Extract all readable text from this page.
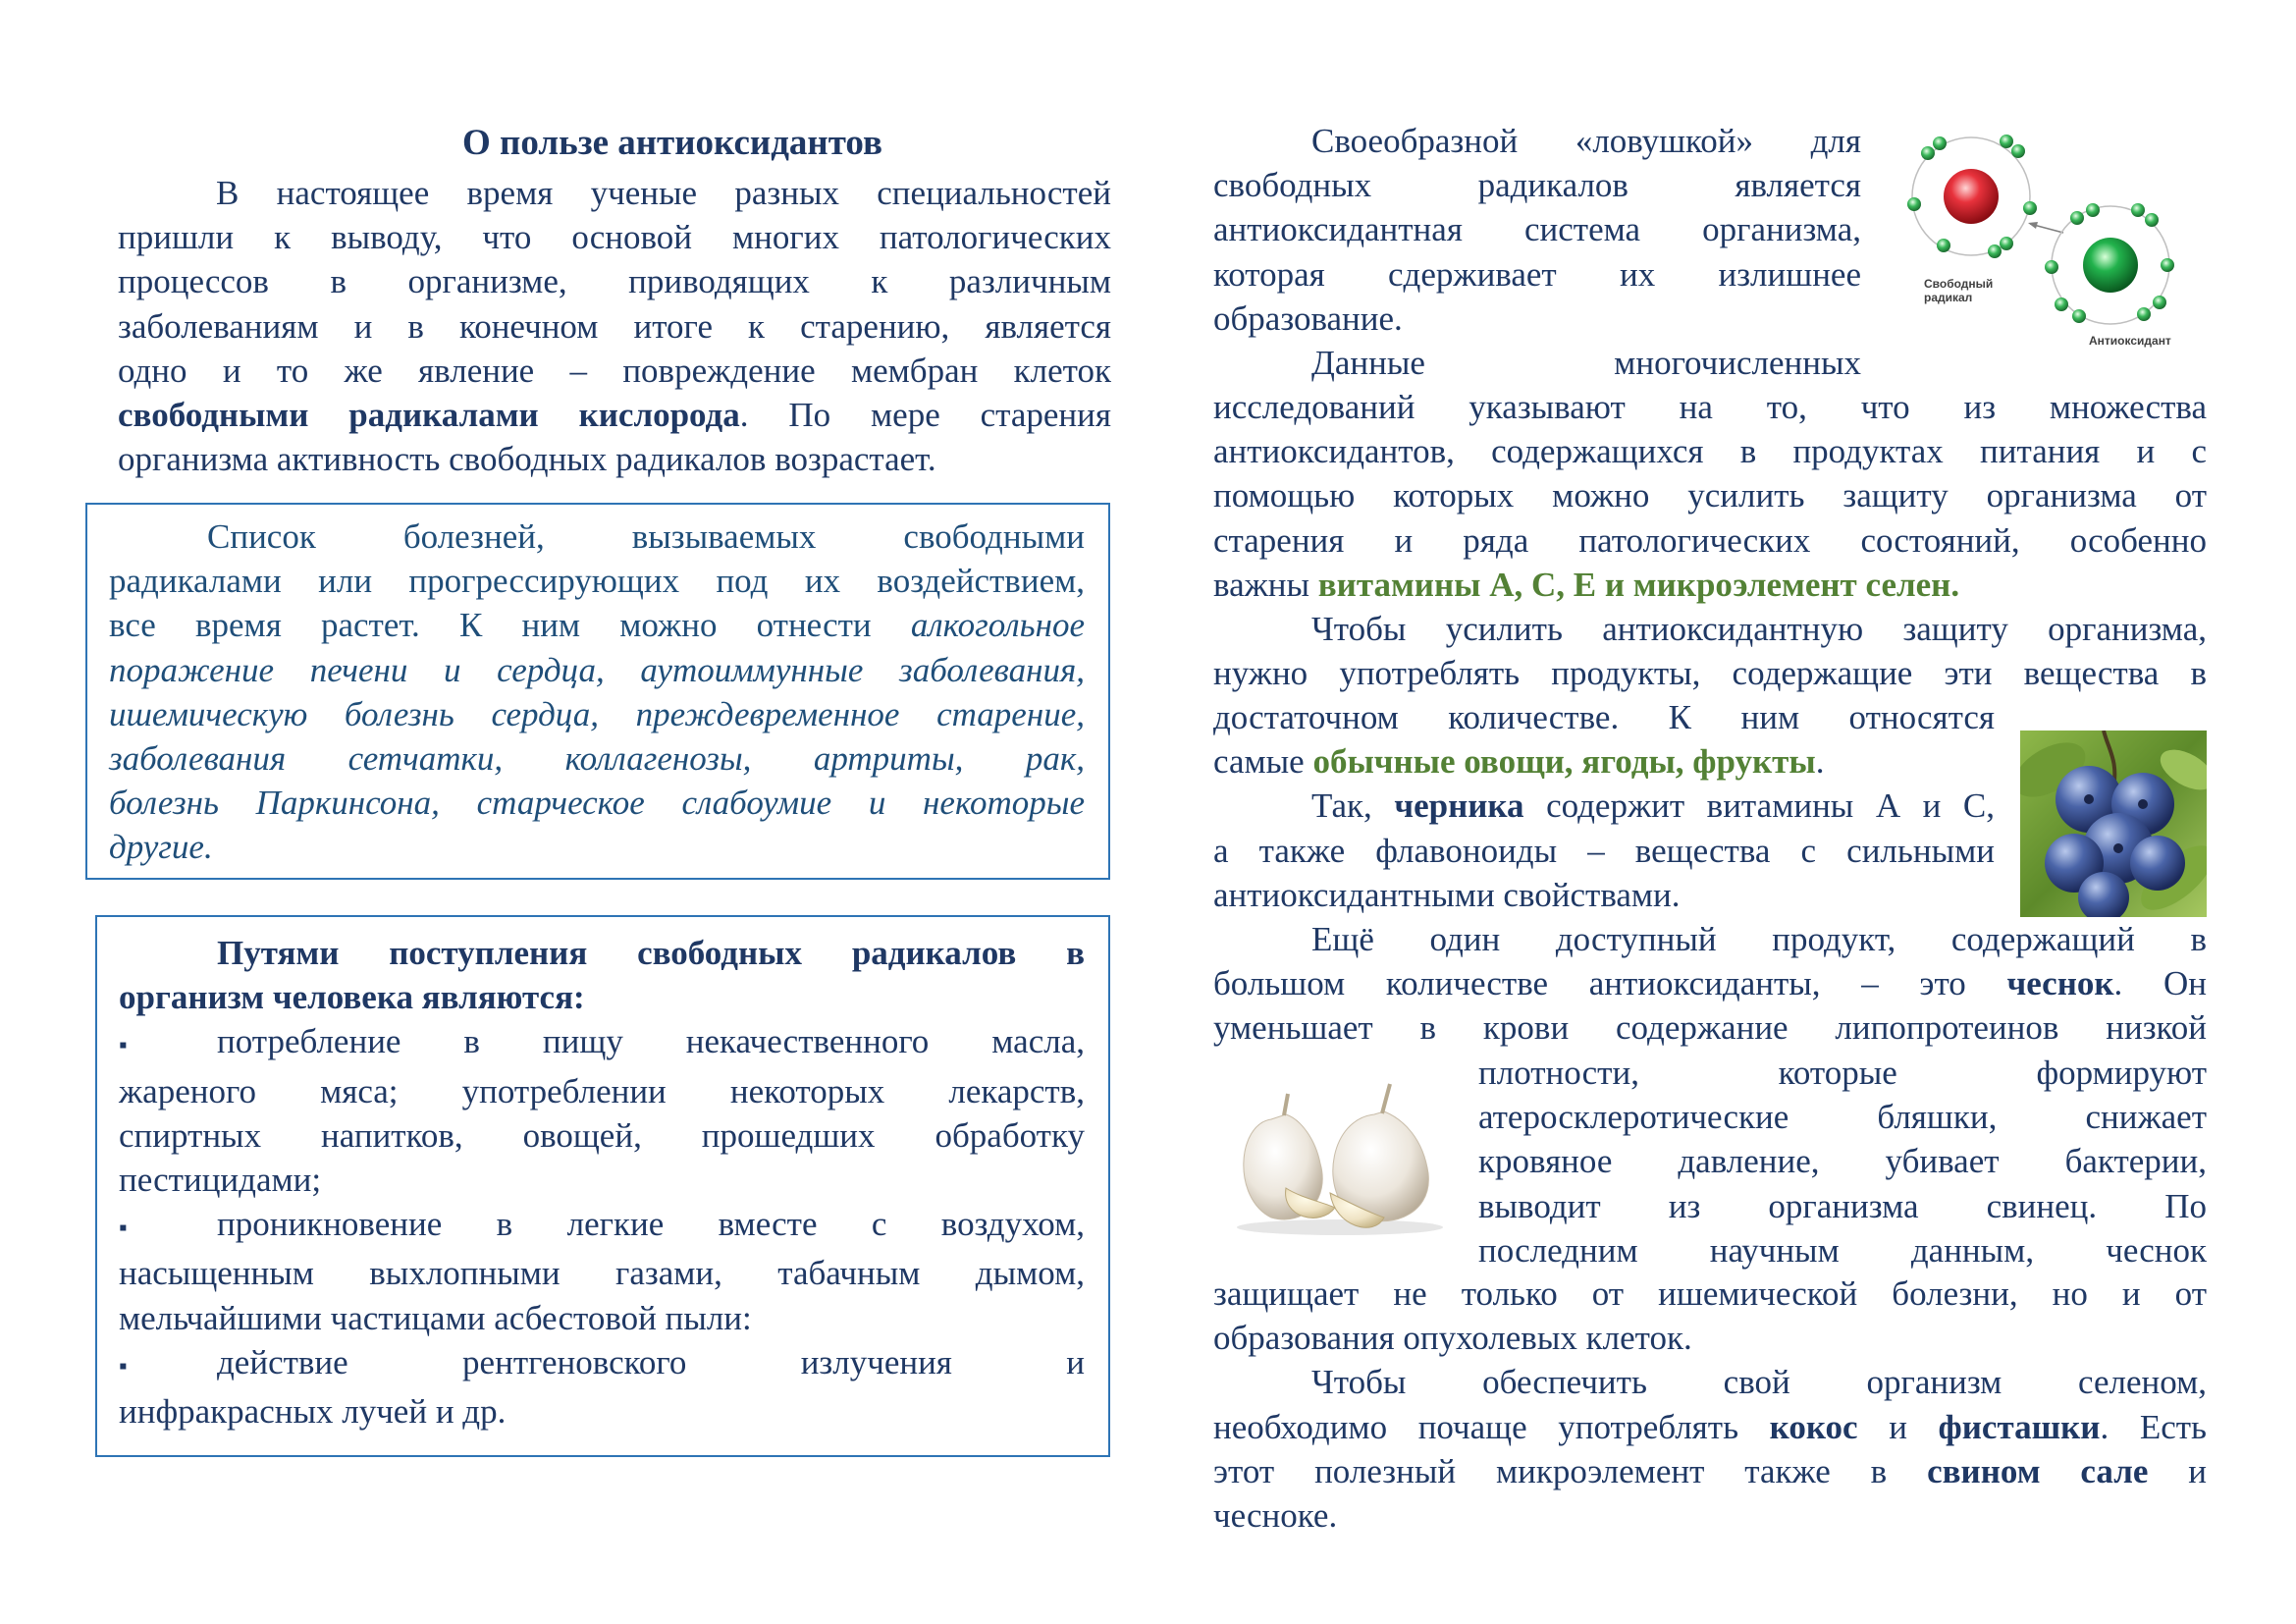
О пользе антиоксидантов
В настоящее время ученые разных специальностей
пришли к выводу, что основой многих патологических
процессов в организме, приводящих к различным
заболеваниям и в конечном итоге к старению, является
одно и то же явление – повреждение мембран клеток
свободными радикалами кислорода. По мере старения
организма активность свободных радикалов возрастает.
Список болезней, вызываемых свободными
радикалами или прогрессирующих под их воздействием,
все время растет. К ним можно отнести алкогольное
поражение печени и сердца, аутоиммунные заболевания,
ишемическую болезнь сердца, преждевременное старение,
заболевания сетчатки, коллагенозы, артриты, рак,
болезнь Паркинсона, старческое слабоумие и некоторые
другие.
Путями поступления свободных радикалов в
организм человека являются:
▪	потребление в пищу некачественного масла,
жареного мяса; употреблении некоторых лекарств,
спиртных напитков, овощей, прошедших обработку
пестицидами;
▪	проникновение в легкие вместе с воздухом,
насыщенным выхлопными газами, табачным дымом,
мельчайшими частицами асбестовой пыли:
▪	действие рентгеновского излучения и
инфракрасных лучей и др.
Своеобразной «ловушкой» для
свободных радикалов является
антиоксидантная система организма,
которая сдерживает их излишнее
образование.
Данные многочисленных
Свободный
радикал
Антиоксидант
исследований указывают на то, что из множества
антиоксидантов, содержащихся в продуктах питания и с
помощью которых можно усилить защиту организма от
старения и ряда патологических состояний, особенно
важны витамины А, С, Е и микроэлемент селен.
Чтобы усилить антиоксидантную защиту организма,
нужно употреблять продукты, содержащие эти вещества в
достаточном количестве. К ним относятся
самые обычные овощи, ягоды, фрукты.
Так, черника содержит витамины А и С,
а также флавоноиды – вещества с сильными
антиоксидантными свойствами.
Ещё один доступный продукт, содержащий в
большом количестве антиоксиданты, – это чеснок. Он
уменьшает в крови содержание липопротеинов низкой
плотности, которые формируют
атеросклеротические бляшки, снижает
кровяное давление, убивает бактерии,
выводит из организма свинец. По
последним научным данным, чеснок
защищает не только от ишемической болезни, но и от
образования опухолевых клеток.
Чтобы обеспечить свой организм селеном,
необходимо почаще употреблять кокос и фисташки. Есть
этот полезный микроэлемент также в свином сале и
чесноке.
